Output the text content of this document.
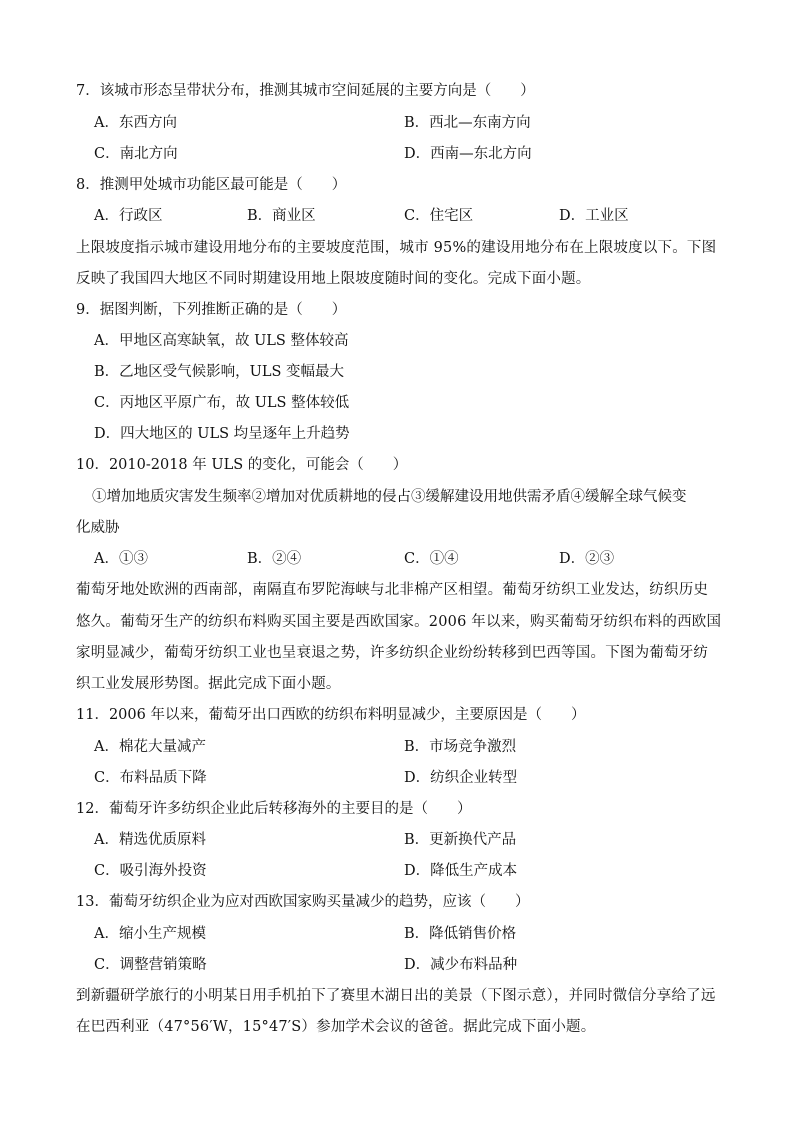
7．该城市形态呈带状分布，推测其城市空间延展的主要方向是（　　）
A．东西方向	B．西北—东南方向
C．南北方向	D．西南—东北方向
8．推测甲处城市功能区最可能是（　　）
A．行政区	B．商业区	C．住宅区	D．工业区
上限坡度指示城市建设用地分布的主要坡度范围，城市 95%的建设用地分布在上限坡度以下。下图
反映了我国四大地区不同时期建设用地上限坡度随时间的变化。完成下面小题。
9．据图判断，下列推断正确的是（　　）
A．甲地区高寒缺氧，故 ULS 整体较高
B．乙地区受气候影响，ULS 变幅最大
C．丙地区平原广布，故 ULS 整体较低
D．四大地区的 ULS 均呈逐年上升趋势
10．2010-2018 年 ULS 的变化，可能会（　　）
①增加地质灾害发生频率②增加对优质耕地的侵占③缓解建设用地供需矛盾④缓解全球气候变
化威胁
A．①③	B．②④	C．①④	D．②③
葡萄牙地处欧洲的西南部，南隔直布罗陀海峡与北非棉产区相望。葡萄牙纺织工业发达，纺织历史
悠久。葡萄牙生产的纺织布料购买国主要是西欧国家。2006 年以来，购买葡萄牙纺织布料的西欧国
家明显减少，葡萄牙纺织工业也呈衰退之势，许多纺织企业纷纷转移到巴西等国。下图为葡萄牙纺
织工业发展形势图。据此完成下面小题。
11．2006 年以来，葡萄牙出口西欧的纺织布料明显减少，主要原因是（　　）
A．棉花大量减产	B．市场竞争激烈
C．布料品质下降	D．纺织企业转型
12．葡萄牙许多纺织企业此后转移海外的主要目的是（　　）
A．精选优质原料	B．更新换代产品
C．吸引海外投资	D．降低生产成本
13．葡萄牙纺织企业为应对西欧国家购买量减少的趋势，应该（　　）
A．缩小生产规模	B．降低销售价格
C．调整营销策略	D．减少布料品种
到新疆研学旅行的小明某日用手机拍下了赛里木湖日出的美景（下图示意），并同时微信分享给了远
在巴西利亚（47°56′W，15°47′S）参加学术会议的爸爸。据此完成下面小题。
